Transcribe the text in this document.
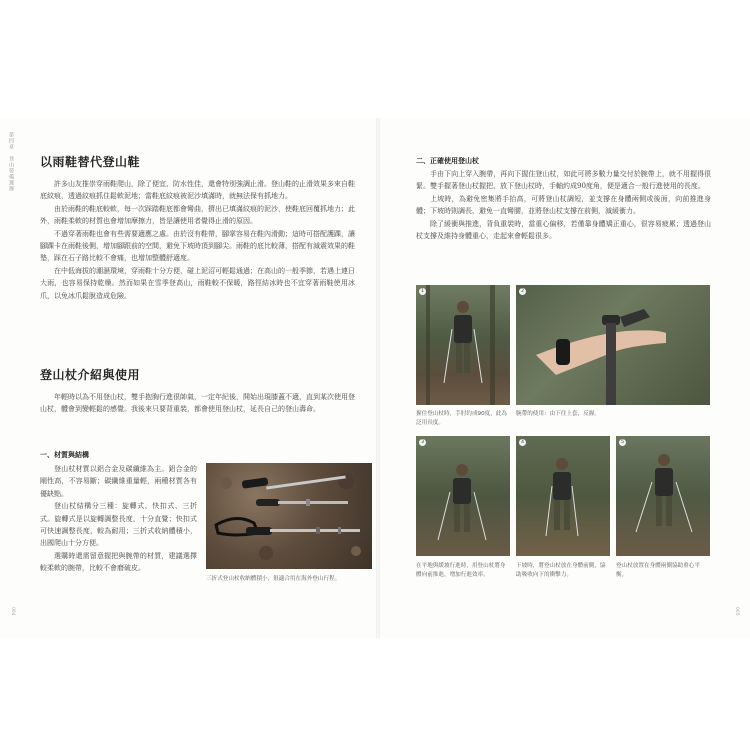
第四章
登山裝備選擇 以雨鞋替代登山鞋

許多山友推崇穿雨鞋爬山，除了便宜、防水性佳，還會特別強調止滑。登山鞋的止滑效果多來自鞋底紋痕，透過紋痕抓住鬆軟泥地；當鞋底紋痕被泥沙填滿時，就無法保有抓地力。

由於雨鞋的鞋底較軟，每一次踩踏鞋底都會彎曲，擠出已填滿紋痕的泥沙，使鞋底回覆抓地力；此外，雨鞋柔軟的材質也會增加摩擦力，皆是讓使用者覺得止滑的原因。

不過穿著雨鞋也會有些需要適應之處。由於沒有鞋帶，腳掌容易在鞋內滑動；這時可搭配護踝，讓腳踝卡在雨鞋後側，增加腳跟前的空間，避免下坡時頂到腳尖。雨鞋的底比較薄，搭配有減震效果的鞋墊，踩在石子路比較不會痛，也增加整體舒適度。

在中低海拔的潮濕環境，穿雨鞋十分方便，碰上泥沼可輕鬆通過；在高山的一般季節，若遇上連日大雨，也容易保持乾燥。然而如果在雪季登高山，雨鞋較不保暖，路徑結冰時也不宜穿著雨鞋使用冰爪，以免冰爪鬆脫造成危險。

登山杖介紹與使用

年輕時以為不用登山杖，雙手抱胸行進很帥氣，一定年紀後，開始出現膝蓋不適，直到某次使用登山杖，體會到變輕鬆的感覺。我後來只要背重裝，都會使用登山杖，延長自己的登山壽命。

一、材質與結構

登山杖材質以鋁合金及碳纖維為主。鋁合金的剛性高，不容易斷；碳纖維重量輕，兩種材質各有優缺點。

登山杖結構分三種：旋轉式、快扣式、三折式。旋轉式是以旋轉調整長度，十分直覺；快扣式可快速調整長度，較為耐用；三折式收納體積小，出國爬山十分方便。

選購時還需留意握把與腕帶的材質，建議選擇較柔軟的腕帶，比較不會磨破皮。

三折式登山杖收納體積小，很適合用在海外登山行程。
064
二、正確使用登山杖

手由下向上穿入腕帶，再向下握住登山杖，如此可將多數力量交付於腕帶上，就不用握得很緊。雙手握著登山杖握把，放下登山杖時，手軸約成90度角，便是適合一般行進使用的長度。

上坡時，為避免密集將手抬高，可將登山杖調短，並支撐在身體兩側或後面，向前推進身體；下坡時則調長，避免一直彎腰，並將登山杖支撐在前側，減緩衝力。

除了緩衝與推進，背負重裝時，當重心偏移，若僅靠身體矯正重心，很容易疲累；透過登山杖支撐及維持身體重心，走起來會輕鬆很多。

1	2
握住登山杖時，手肘約成90度，此為泛用長度。
腕帶的使用：由下往上套，反握。
3	4	5
在平地與緩坡行進時，用登山杖將身體向前推進，增加行進效率。
下坡時，將登山杖放在身體前側，協助吸收向下的衝擊力。
登山杖放置在身體兩側協助重心平衡。
065
